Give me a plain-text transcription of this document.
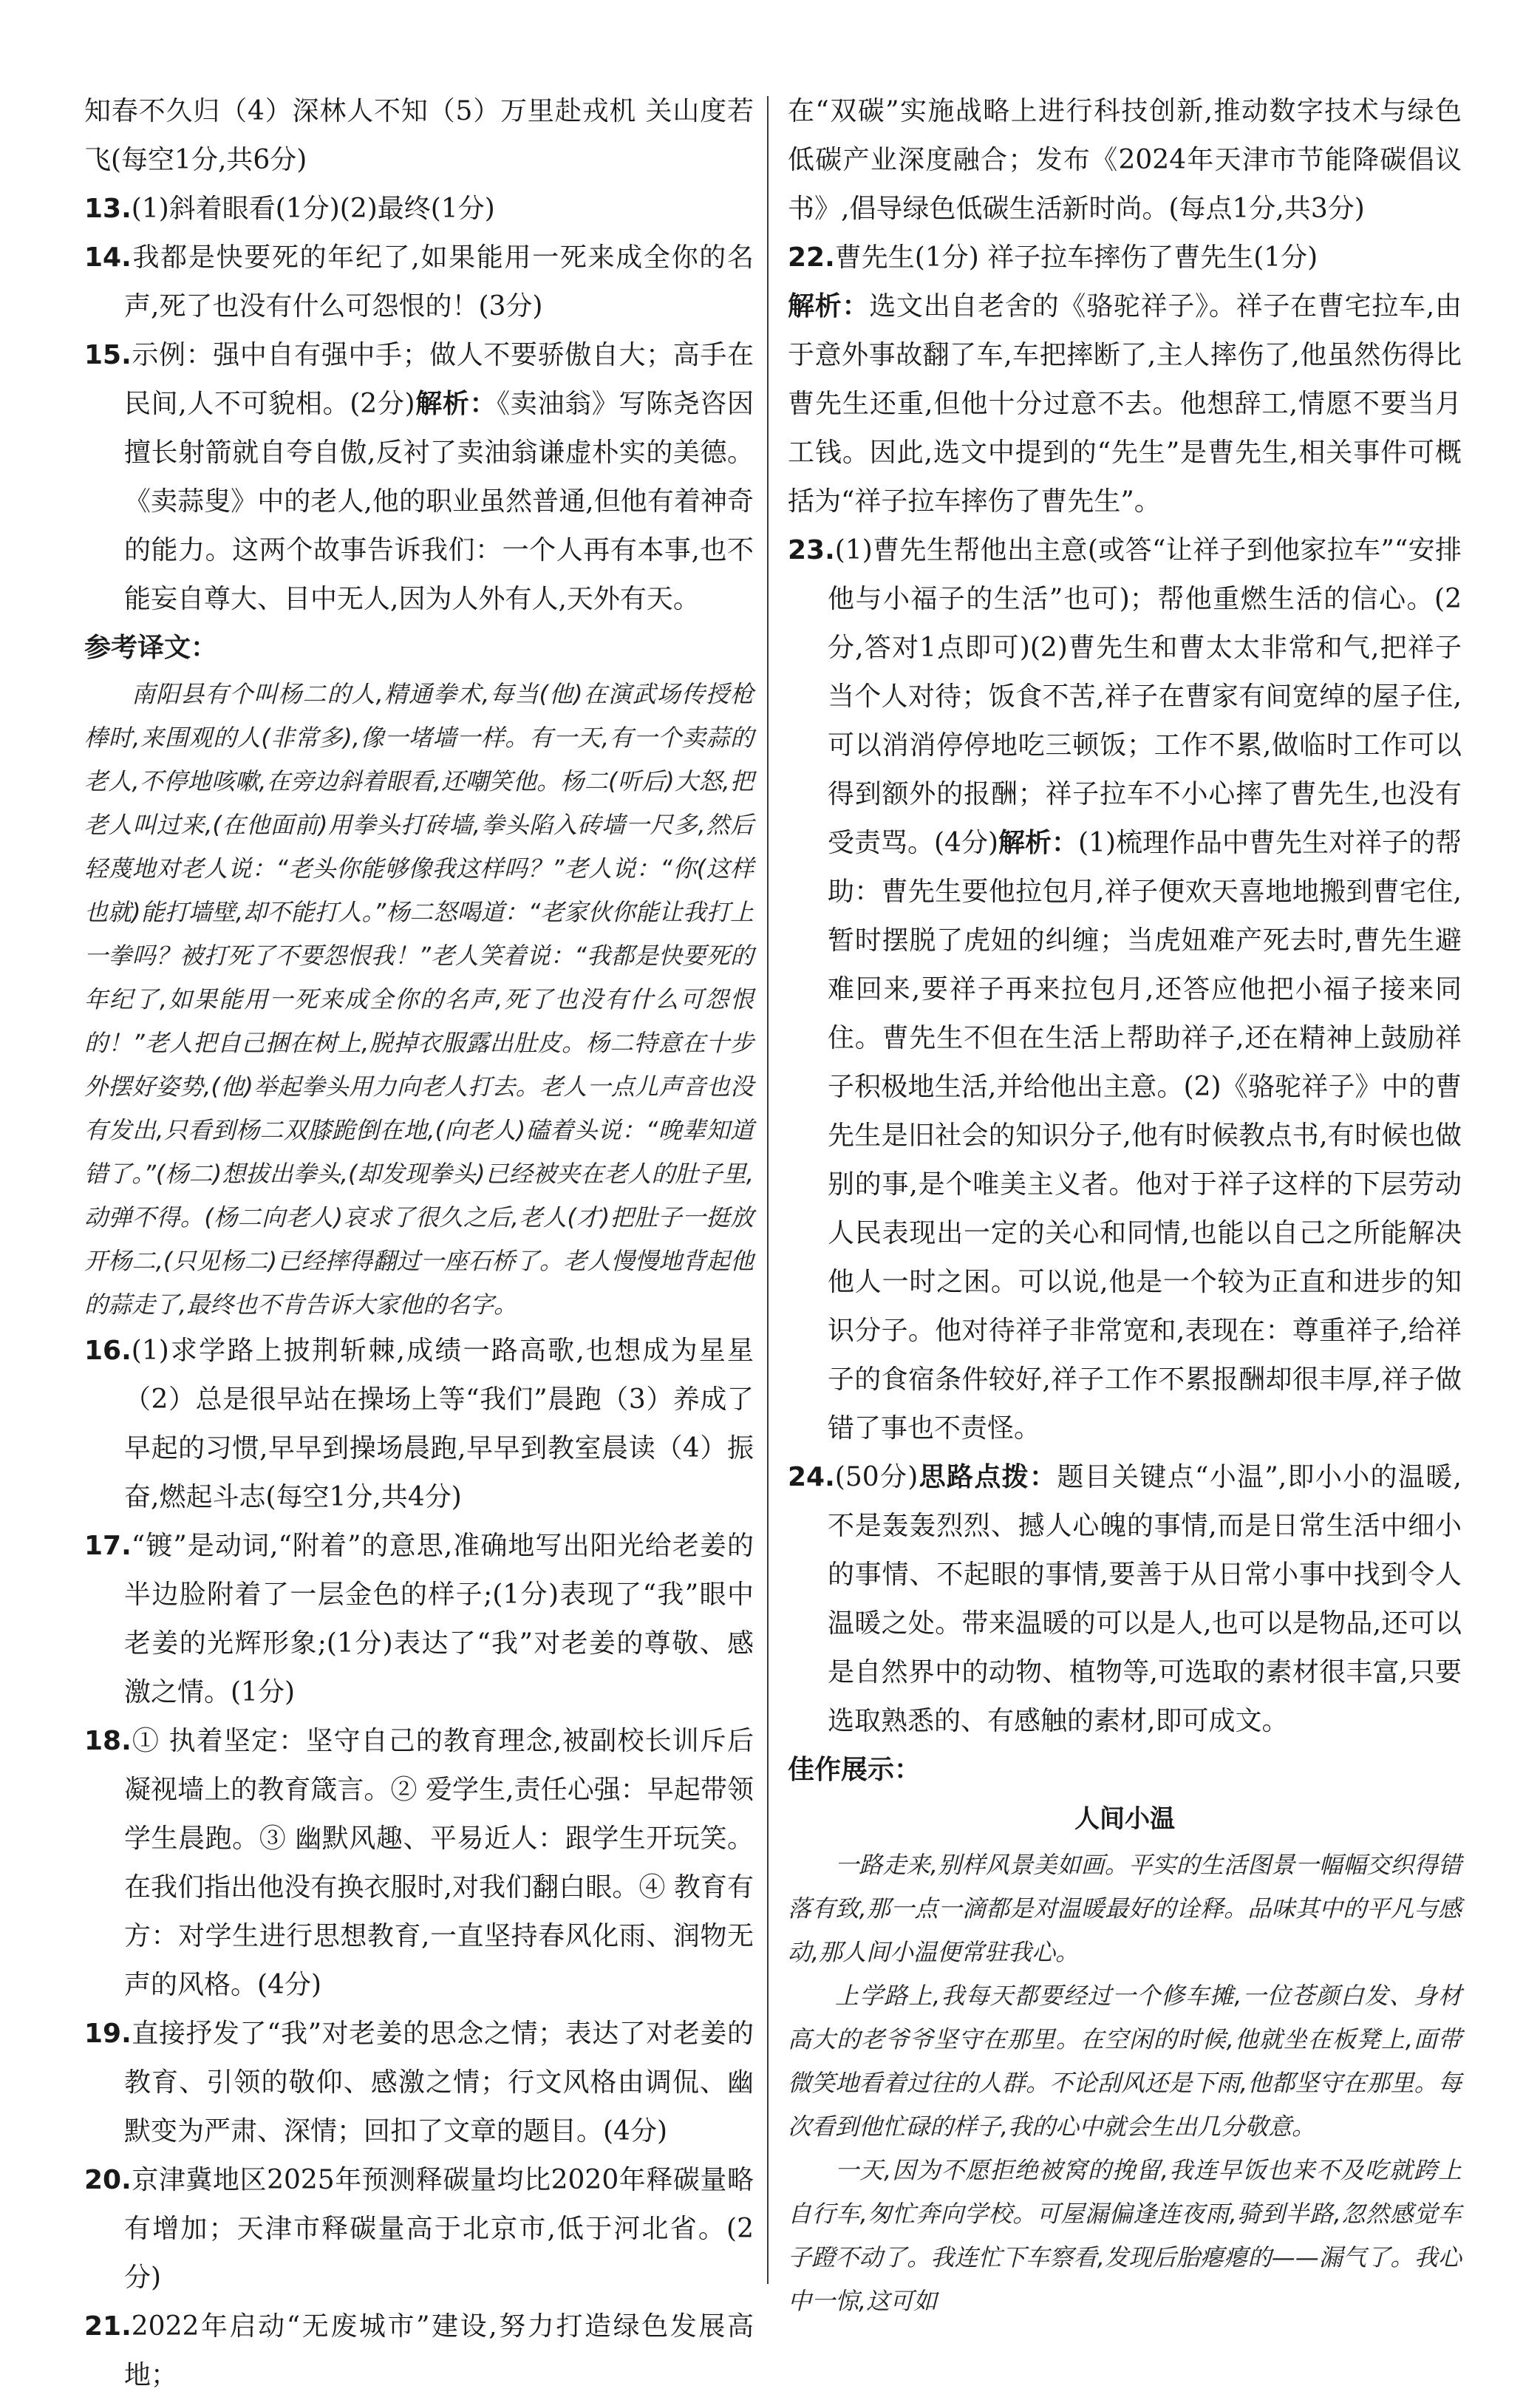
知春不久归（4）深林人不知（5）万里赴戎机 关山度若飞(每空1分,共6分)

13.(1)斜着眼看(1分)(2)最终(1分)

14.我都是快要死的年纪了,如果能用一死来成全你的名声,死了也没有什么可怨恨的！(3分)

15.示例：强中自有强中手；做人不要骄傲自大；高手在民间,人不可貌相。(2分)解析：《卖油翁》写陈尧咨因擅长射箭就自夸自傲,反衬了卖油翁谦虚朴实的美德。《卖蒜叟》中的老人,他的职业虽然普通,但他有着神奇的能力。这两个故事告诉我们：一个人再有本事,也不能妄自尊大、目中无人,因为人外有人,天外有天。

参考译文：

南阳县有个叫杨二的人,精通拳术,每当(他)在演武场传授枪棒时,来围观的人(非常多),像一堵墙一样。有一天,有一个卖蒜的老人,不停地咳嗽,在旁边斜着眼看,还嘲笑他。杨二(听后)大怒,把老人叫过来,(在他面前)用拳头打砖墙,拳头陷入砖墙一尺多,然后轻蔑地对老人说：“老头你能够像我这样吗？”老人说：“你(这样也就)能打墙壁,却不能打人。”杨二怒喝道：“老家伙你能让我打上一拳吗？被打死了不要怨恨我！”老人笑着说：“我都是快要死的年纪了,如果能用一死来成全你的名声,死了也没有什么可怨恨的！”老人把自己捆在树上,脱掉衣服露出肚皮。杨二特意在十步外摆好姿势,(他)举起拳头用力向老人打去。老人一点儿声音也没有发出,只看到杨二双膝跪倒在地,(向老人)磕着头说：“晚辈知道错了。”(杨二)想拔出拳头,(却发现拳头)已经被夹在老人的肚子里,动弹不得。(杨二向老人)哀求了很久之后,老人(才)把肚子一挺放开杨二,(只见杨二)已经摔得翻过一座石桥了。老人慢慢地背起他的蒜走了,最终也不肯告诉大家他的名字。

16.(1)求学路上披荆斩棘,成绩一路高歌,也想成为星星（2）总是很早站在操场上等“我们”晨跑（3）养成了早起的习惯,早早到操场晨跑,早早到教室晨读（4）振奋,燃起斗志(每空1分,共4分)

17.“镀”是动词,“附着”的意思,准确地写出阳光给老姜的半边脸附着了一层金色的样子;(1分)表现了“我”眼中老姜的光辉形象;(1分)表达了“我”对老姜的尊敬、感激之情。(1分)

18.① 执着坚定：坚守自己的教育理念,被副校长训斥后凝视墙上的教育箴言。② 爱学生,责任心强：早起带领学生晨跑。③ 幽默风趣、平易近人：跟学生开玩笑。在我们指出他没有换衣服时,对我们翻白眼。④ 教育有方：对学生进行思想教育,一直坚持春风化雨、润物无声的风格。(4分)

19.直接抒发了“我”对老姜的思念之情；表达了对老姜的教育、引领的敬仰、感激之情；行文风格由调侃、幽默变为严肃、深情；回扣了文章的题目。(4分)

20.京津冀地区2025年预测释碳量均比2020年释碳量略有增加；天津市释碳量高于北京市,低于河北省。(2分)

21.2022年启动“无废城市”建设,努力打造绿色发展高地；

在“双碳”实施战略上进行科技创新,推动数字技术与绿色低碳产业深度融合；发布《2024年天津市节能降碳倡议书》,倡导绿色低碳生活新时尚。(每点1分,共3分)

22.曹先生(1分) 祥子拉车摔伤了曹先生(1分)

解析：选文出自老舍的《骆驼祥子》。祥子在曹宅拉车,由于意外事故翻了车,车把摔断了,主人摔伤了,他虽然伤得比曹先生还重,但他十分过意不去。他想辞工,情愿不要当月工钱。因此,选文中提到的“先生”是曹先生,相关事件可概括为“祥子拉车摔伤了曹先生”。

23.(1)曹先生帮他出主意(或答“让祥子到他家拉车”“安排他与小福子的生活”也可)；帮他重燃生活的信心。(2分,答对1点即可)(2)曹先生和曹太太非常和气,把祥子当个人对待；饭食不苦,祥子在曹家有间宽绰的屋子住,可以消消停停地吃三顿饭；工作不累,做临时工作可以得到额外的报酬；祥子拉车不小心摔了曹先生,也没有受责骂。(4分)解析：(1)梳理作品中曹先生对祥子的帮助：曹先生要他拉包月,祥子便欢天喜地地搬到曹宅住,暂时摆脱了虎妞的纠缠；当虎妞难产死去时,曹先生避难回来,要祥子再来拉包月,还答应他把小福子接来同住。曹先生不但在生活上帮助祥子,还在精神上鼓励祥子积极地生活,并给他出主意。(2)《骆驼祥子》中的曹先生是旧社会的知识分子,他有时候教点书,有时候也做别的事,是个唯美主义者。他对于祥子这样的下层劳动人民表现出一定的关心和同情,也能以自己之所能解决他人一时之困。可以说,他是一个较为正直和进步的知识分子。他对待祥子非常宽和,表现在：尊重祥子,给祥子的食宿条件较好,祥子工作不累报酬却很丰厚,祥子做错了事也不责怪。

24.(50分)思路点拨：题目关键点“小温”,即小小的温暖,不是轰轰烈烈、撼人心魄的事情,而是日常生活中细小的事情、不起眼的事情,要善于从日常小事中找到令人温暖之处。带来温暖的可以是人,也可以是物品,还可以是自然界中的动物、植物等,可选取的素材很丰富,只要选取熟悉的、有感触的素材,即可成文。

佳作展示：

人间小温

一路走来,别样风景美如画。平实的生活图景一幅幅交织得错落有致,那一点一滴都是对温暖最好的诠释。品味其中的平凡与感动,那人间小温便常驻我心。

上学路上,我每天都要经过一个修车摊,一位苍颜白发、身材高大的老爷爷坚守在那里。在空闲的时候,他就坐在板凳上,面带微笑地看着过往的人群。不论刮风还是下雨,他都坚守在那里。每次看到他忙碌的样子,我的心中就会生出几分敬意。

一天,因为不愿拒绝被窝的挽留,我连早饭也来不及吃就跨上自行车,匆忙奔向学校。可屋漏偏逢连夜雨,骑到半路,忽然感觉车子蹬不动了。我连忙下车察看,发现后胎瘪瘪的——漏气了。我心中一惊,这可如
